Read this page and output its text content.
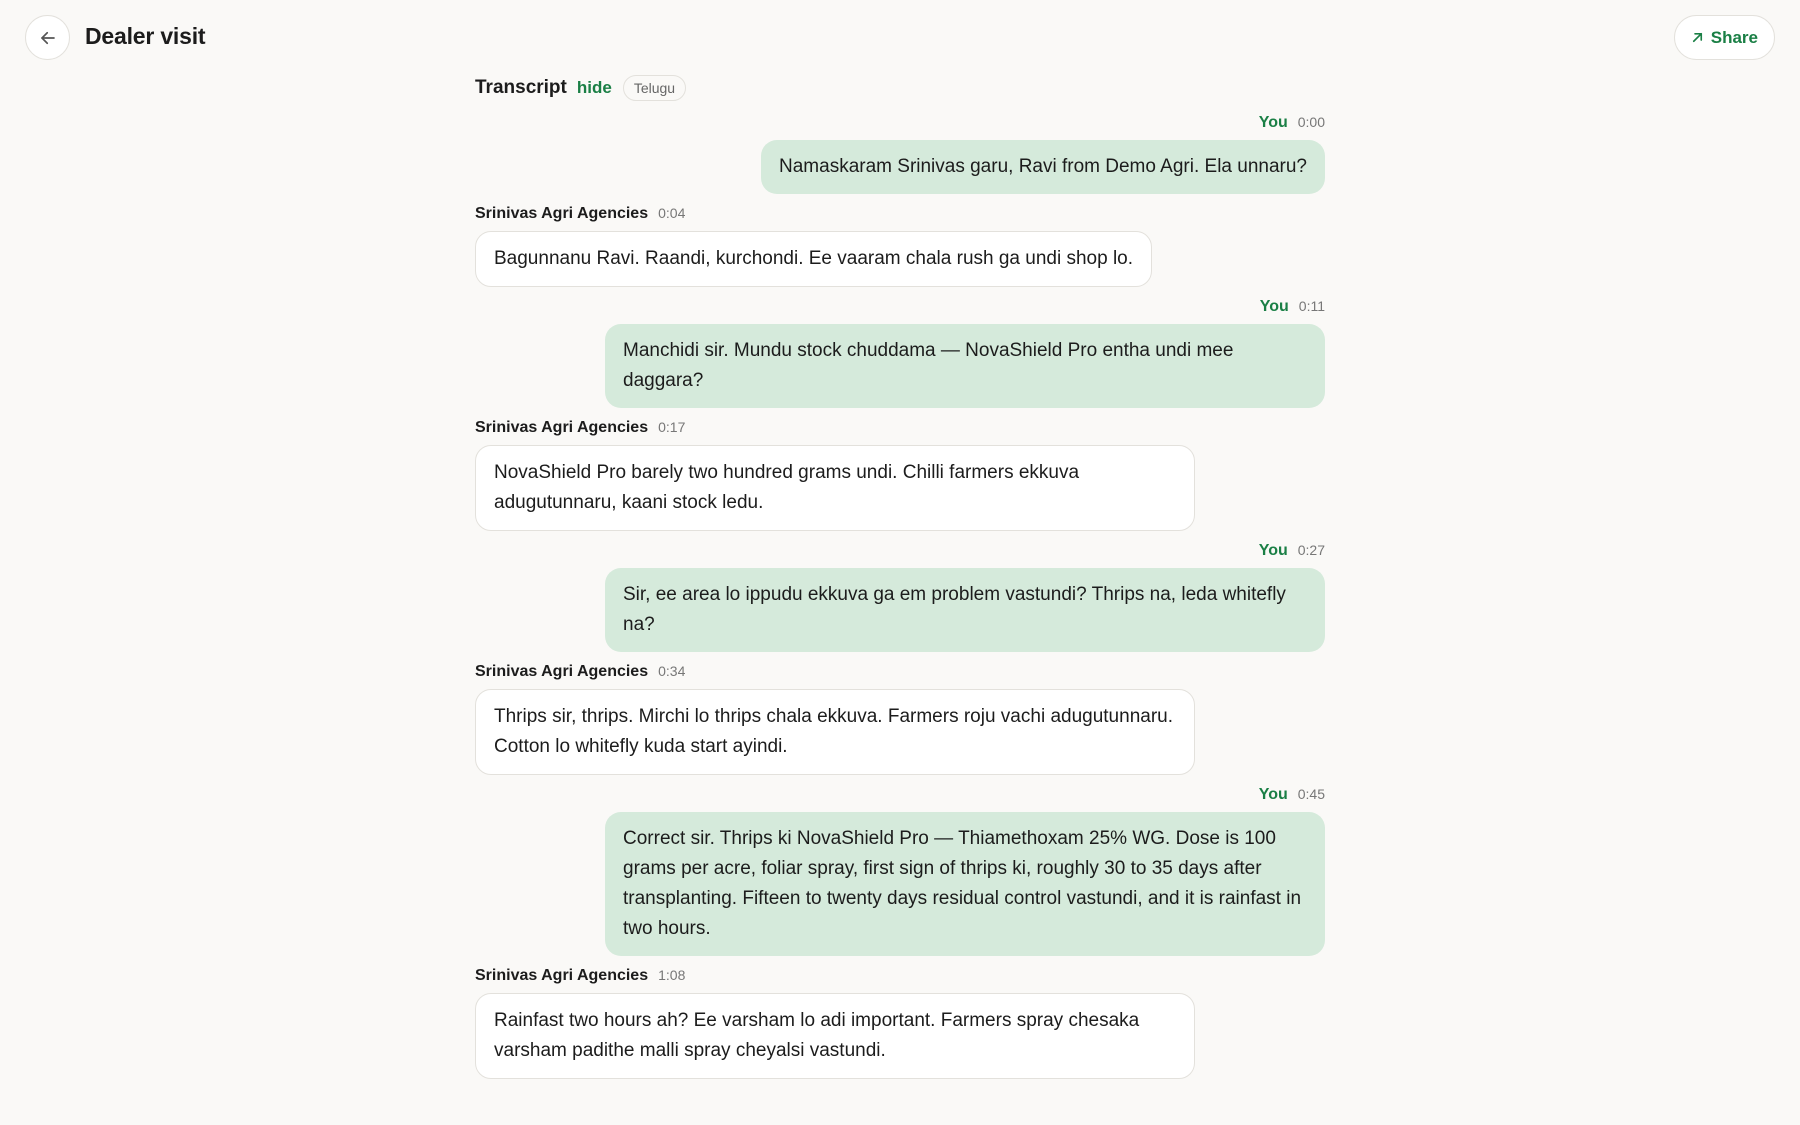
Dealer visit	Share
Transcript hide	Telugu
You 0:00
Namaskaram Srinivas garu, Ravi from Demo Agri. Ela unnaru?
Srinivas Agri Agencies 0:04
Bagunnanu Ravi. Raandi, kurchondi. Ee vaaram chala rush ga undi shop lo.
You 0:11
Manchidi sir. Mundu stock chuddama — NovaShield Pro entha undi mee daggara?
Srinivas Agri Agencies 0:17
NovaShield Pro barely two hundred grams undi. Chilli farmers ekkuva adugutunnaru, kaani stock ledu.
You 0:27
Sir, ee area lo ippudu ekkuva ga em problem vastundi? Thrips na, leda whitefly na?
Srinivas Agri Agencies 0:34
Thrips sir, thrips. Mirchi lo thrips chala ekkuva. Farmers roju vachi adugutunnaru. Cotton lo whitefly kuda start ayindi.
You 0:45
Correct sir. Thrips ki NovaShield Pro — Thiamethoxam 25% WG. Dose is 100 grams per acre, foliar spray, first sign of thrips ki, roughly 30 to 35 days after transplanting. Fifteen to twenty days residual control vastundi, and it is rainfast in two hours.
Srinivas Agri Agencies 1:08
Rainfast two hours ah? Ee varsham lo adi important. Farmers spray chesaka varsham padithe malli spray cheyalsi vastundi.
